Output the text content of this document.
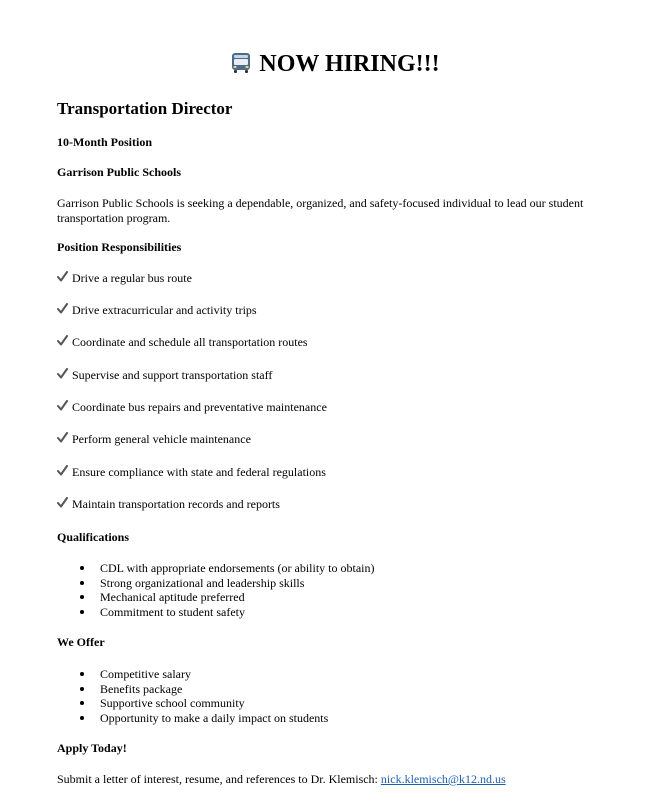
NOW HIRING!!!
Transportation Director
10-Month Position
Garrison Public Schools
Garrison Public Schools is seeking a dependable, organized, and safety-focused individual to lead our student transportation program.
Position Responsibilities
Drive a regular bus route
Drive extracurricular and activity trips
Coordinate and schedule all transportation routes
Supervise and support transportation staff
Coordinate bus repairs and preventative maintenance
Perform general vehicle maintenance
Ensure compliance with state and federal regulations
Maintain transportation records and reports
Qualifications
CDL with appropriate endorsements (or ability to obtain)
Strong organizational and leadership skills
Mechanical aptitude preferred
Commitment to student safety
We Offer
Competitive salary
Benefits package
Supportive school community
Opportunity to make a daily impact on students
Apply Today!
Submit a letter of interest, resume, and references to Dr. Klemisch: nick.klemisch@k12.nd.us
